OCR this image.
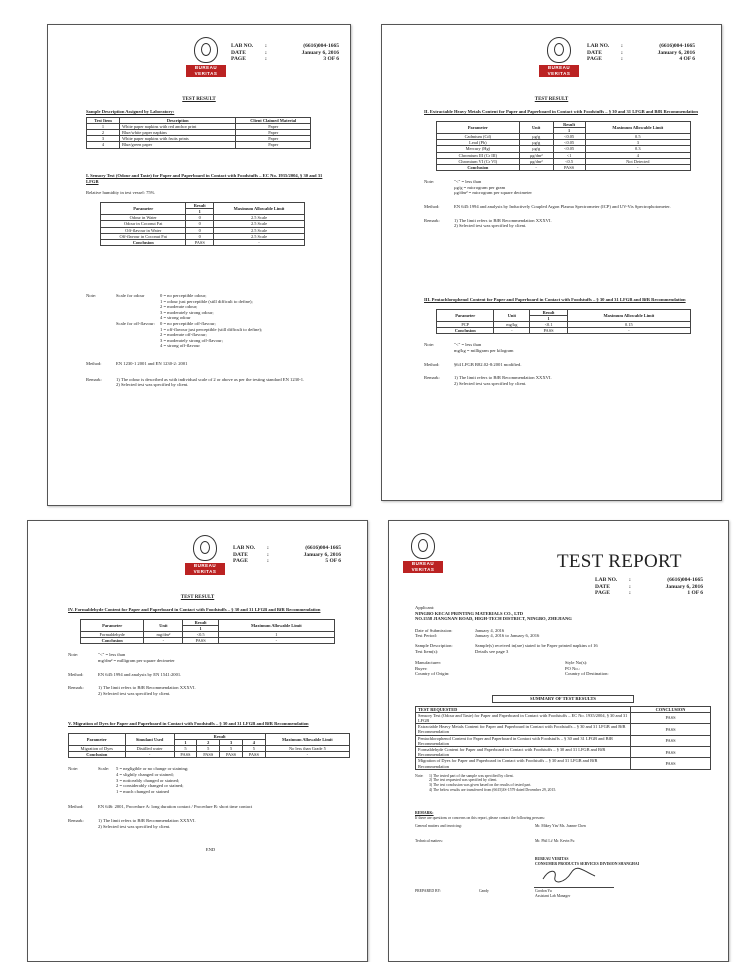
BUREAU
VERITAS
LAB NO.	:	(6616)004-1665
DATE	:	January 6, 2016
PAGE	:	3 OF 6
TEST RESULT
Sample Description Assigned by Laboratory:
Test Item	Description	Client Claimed Material
1	White paper napkins with red anchor print	Paper
2	Blue/white paper napkins	Paper
3	White paper napkins with fruits prints	Paper
4	Blue/green paper	Paper
I. Sensory Test (Odour and Taste) for Paper and Paperboard in Contact with Foodstuffs – EC No. 1935/2004, § 30 and 31 LFGB
Relative humidity in test vessel: 75%
Parameter	Result	Maximum Allowable Limit
	1	
Odour in Water	0	2.5 Scale
Odour in Coconut Fat	0	2.5 Scale
Off-flavour in Water	0	2.5 Scale
Off-flavour in Coconut Fat	0	2.5 Scale
Conclusion	PASS	-
Note:	Scale for odour	0 = no perceptible odour;
1 = odour just perceptible (still difficult to define);
2 = moderate odour;
3 = moderately strong odour;
4 = strong odour
Scale for off-flavour:	0 = no perceptible off-flavour;
1 = off-flavour just perceptible (still difficult to define);
2 = moderate off-flavour;
3 = moderately strong off-flavour;
4 = strong off-flavour
Method:	EN 1230-1 2001 and EN 1230-2: 2001
Remark:	1) The odour is described as with individual scale of 2 or above as per the testing standard EN 1230-1.
2) Selected test was specified by client.
BUREAU
VERITAS
LAB NO.	:	(6616)004-1665
DATE	:	January 6, 2016
PAGE	:	4 OF 6
TEST RESULT
II. Extractable Heavy Metals Content for Paper and Paperboard in Contact with Foodstuffs – § 30 and 31 LFGB and BfR Recommendation
Parameter	Unit	Result	Maximum Allowable Limit
		1	
Cadmium (Cd)	µg/g	<0.05	0.5
Lead (Pb)	µg/g	<0.05	3
Mercury (Hg)	µg/g	<0.05	0.3
Chromium III (Cr III)	µg/dm²	<1	4
Chromium VI (Cr VI)	µg/dm²	<0.5	Not Detected
Conclusion	-	PASS	-
Note:	"<" = less than
µg/g = microgram per gram
µg/dm² = microgram per square decimeter
Method:	EN 645:1994 and analysis by Inductively Coupled Argon Plasma Spectrometer (ICP) and UV-Vis Spectrophotometer.
Remark:	1) The limit refers to BfR Recommendation XXXVI.
2) Selected test was specified by client.
III. Pentachlorophenol Content for Paper and Paperboard in Contact with Foodstuffs – § 30 and 31 LFGB and BfR Recommendation
Parameter	Unit	Result	Maximum Allowable Limit
		1	
PCP	mg/kg	<0.1	0.15
Conclusion	-	PASS	-
Note:	"<" = less than
mg/kg = milligram per kilogram
Method:	§64 LFGB B82.02-8:2001 modified.
Remark:	1) The limit refers to BfR Recommendation XXXVI.
2) Selected test was specified by client.
BUREAU
VERITAS
LAB NO.	:	(6616)004-1665
DATE	:	January 6, 2016
PAGE	:	5 OF 6
TEST RESULT
IV. Formaldehyde Content for Paper and Paperboard in Contact with Foodstuffs – § 30 and 31 LFGB and BfR Recommendation
Parameter	Unit	Result	Maximum Allowable Limit
		1	
Formaldehyde	mg/dm²	<0.5	1
Conclusion	-	PASS	-
Note:	"<" = less than
mg/dm² = milligram per square decimeter
Method:	EN 645:1994 and analysis by EN 1541:2001.
Remark:	1) The limit refers to BfR Recommendation XXXVI.
2) Selected test was specified by client.
V. Migration of Dyes for Paper and Paperboard in Contact with Foodstuffs – § 30 and 31 LFGB and BfR Recommendation
Parameter	Simulant Used	Result				Maximum Allowable Limit
		1	2	3	4	
Migration of Dyes	Distilled water	5	5	5	5	No less than Grade 5
Conclusion	-	PASS	PASS	PASS	PASS	-
Note:	Scale:	5 = negligible or no change or staining;
4 = slightly changed or stained;
3 = noticeably changed or stained;
2 = considerably changed or stained;
1 = much changed or stained
Method:	EN 646: 2001, Procedure A: long duration contact / Procedure B: short time contact
Remark:	1) The limit refers to BfR Recommendation XXXVI.
2) Selected test was specified by client.
END
BUREAU
VERITAS	TEST REPORT
LAB NO.	:	(6616)004-1665
DATE	:	January 6, 2016
PAGE	:	1 OF 6
Applicant:
NINGBO KECAI PRINTING MATERIALS CO., LTD
NO.1558 JIANGNAN ROAD, HIGH-TECH DISTRICT, NINGBO, ZHEJIANG
Date of Submission:	January 4, 2016
Test Period:	January 4, 2016 to January 6, 2016
Sample Description:	Sample(s) received in(are) stated to be Paper printed napkins of 16
Test Item(s):	Details see page 3
Manufacturer:	Style No(s):
Buyer:	PO No.:
Country of Origin:	Country of Destination:
SUMMARY OF TEST RESULTS
TEST REQUESTED	CONCLUSION
Sensory Test (Odour and Taste) for Paper and Paperboard in Contact with Foodstuffs – EC No. 1935/2004, § 30 and 31 LFGB	PASS
Extractable Heavy Metals Content for Paper and Paperboard in Contact with Foodstuffs – § 30 and 31 LFGB and BfR Recommendation	PASS
Pentachlorophenol Content for Paper and Paperboard in Contact with Foodstuffs – § 30 and 31 LFGB and BfR Recommendation	PASS
Formaldehyde Content for Paper and Paperboard in Contact with Foodstuffs – § 30 and 31 LFGB and BfR Recommendation	PASS
Migration of Dyes for Paper and Paperboard in Contact with Foodstuffs – § 30 and 31 LFGB and BfR Recommendation	PASS
Note:	1) The tested part of the sample was specified by client.
2) The test requested was specified by client.
3) The test conclusion was given based on the results of tested part.
4) The below results are transferred from (6615)3S-1579 dated December 29, 2015.
REMARK:
If there are questions or concerns on this report, please contact the following persons:
General matters and invoicing:	Mr. Mikey Yin/ Ms. Joanne Chen
Technical matters:	Mr. Phil Li/ Mr. Kevin Fu
BUREAU VERITAS
CONSUMER PRODUCTS SERVICES DIVISION SHANGHAI
PREPARED BY:	Candy	Gordon Yu
Assistant Lab Manager
